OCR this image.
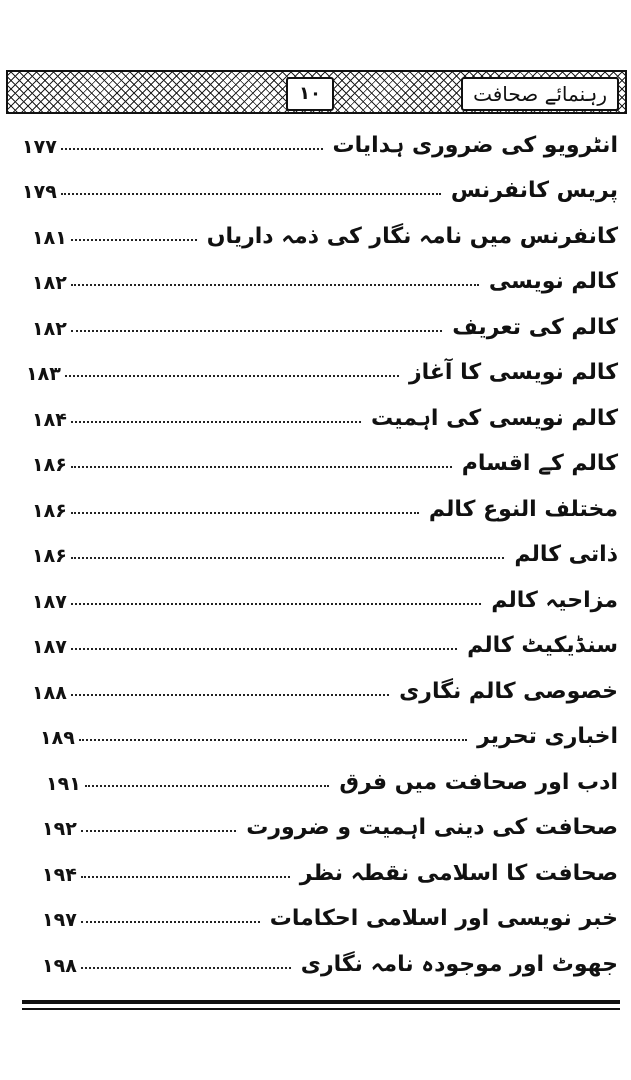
۱۰	رہنمائے صحافت
انٹرویو کی ضروری ہدایات
۱۷۷
پریس کانفرنس
۱۷۹
کانفرنس میں نامہ نگار کی ذمہ داریاں
۱۸۱
کالم نویسی
۱۸۲
کالم کی تعریف
۱۸۲
کالم نویسی کا آغاز
۱۸۳
کالم نویسی کی اہمیت
۱۸۴
کالم کے اقسام
۱۸۶
مختلف النوع کالم
۱۸۶
ذاتی کالم
۱۸۶
مزاحیہ کالم
۱۸۷
سنڈیکیٹ کالم
۱۸۷
خصوصی کالم نگاری
۱۸۸
اخباری تحریر
۱۸۹
ادب اور صحافت میں فرق
۱۹۱
صحافت کی دینی اہمیت و ضرورت
۱۹۲
صحافت کا اسلامی نقطہ نظر
۱۹۴
خبر نویسی اور اسلامی احکامات
۱۹۷
جھوٹ اور موجودہ نامہ نگاری
۱۹۸
